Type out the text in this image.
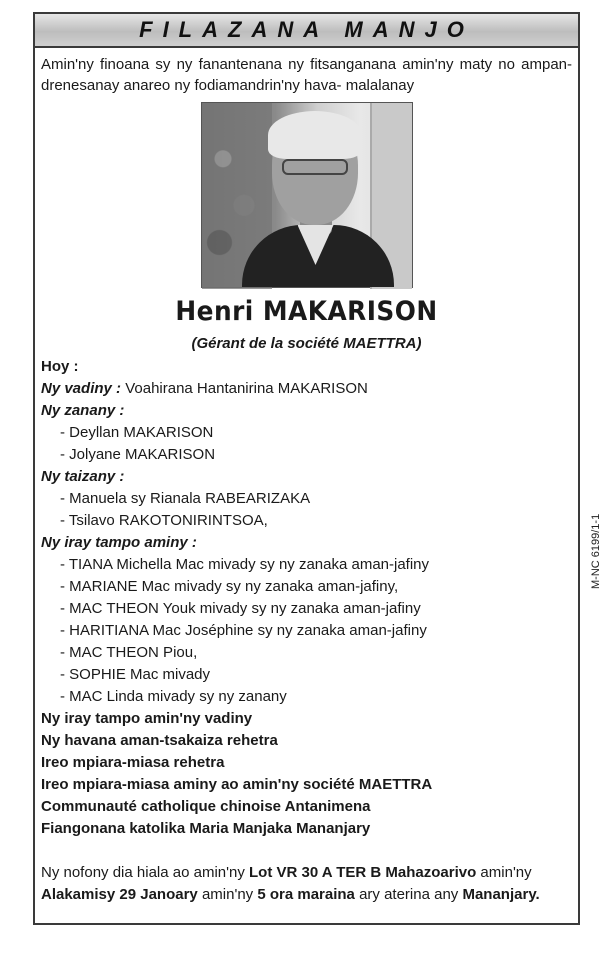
FILAZANA MANJO
Amin'ny finoana sy ny fanantenana ny fitsanganana amin'ny maty no ampan-drenesanay anareo ny fodiamandrin'ny hava- malalanay
Henri MAKARISON
(Gérant de la société MAETTRA)
Hoy :
Ny vadiny : Voahirana Hantanirina MAKARISON
Ny zanany :
- Deyllan MAKARISON
- Jolyane MAKARISON
Ny taizany :
- Manuela sy Rianala RABEARIZAKA
- Tsilavo RAKOTONIRINTSOA,
Ny iray tampo aminy :
- TIANA Michella Mac mivady sy ny zanaka aman-jafiny
- MARIANE Mac mivady sy ny zanaka aman-jafiny,
- MAC THEON Youk mivady sy ny zanaka aman-jafiny
- HARITIANA Mac Joséphine sy ny zanaka aman-jafiny
- MAC THEON Piou,
- SOPHIE Mac mivady
- MAC Linda mivady sy ny zanany
Ny iray tampo amin'ny vadiny
Ny havana aman-tsakaiza rehetra
Ireo mpiara-miasa rehetra
Ireo mpiara-miasa aminy ao amin'ny société MAETTRA
Communauté catholique chinoise Antanimena
Fiangonana katolika Maria Manjaka Mananjary
Ny nofony dia hiala ao amin'ny Lot VR 30 A TER B Mahazoarivo amin'ny Alakamisy 29 Janoary amin'ny 5 ora maraina ary aterina any Mananjary.
M-NC 6199/1-1
